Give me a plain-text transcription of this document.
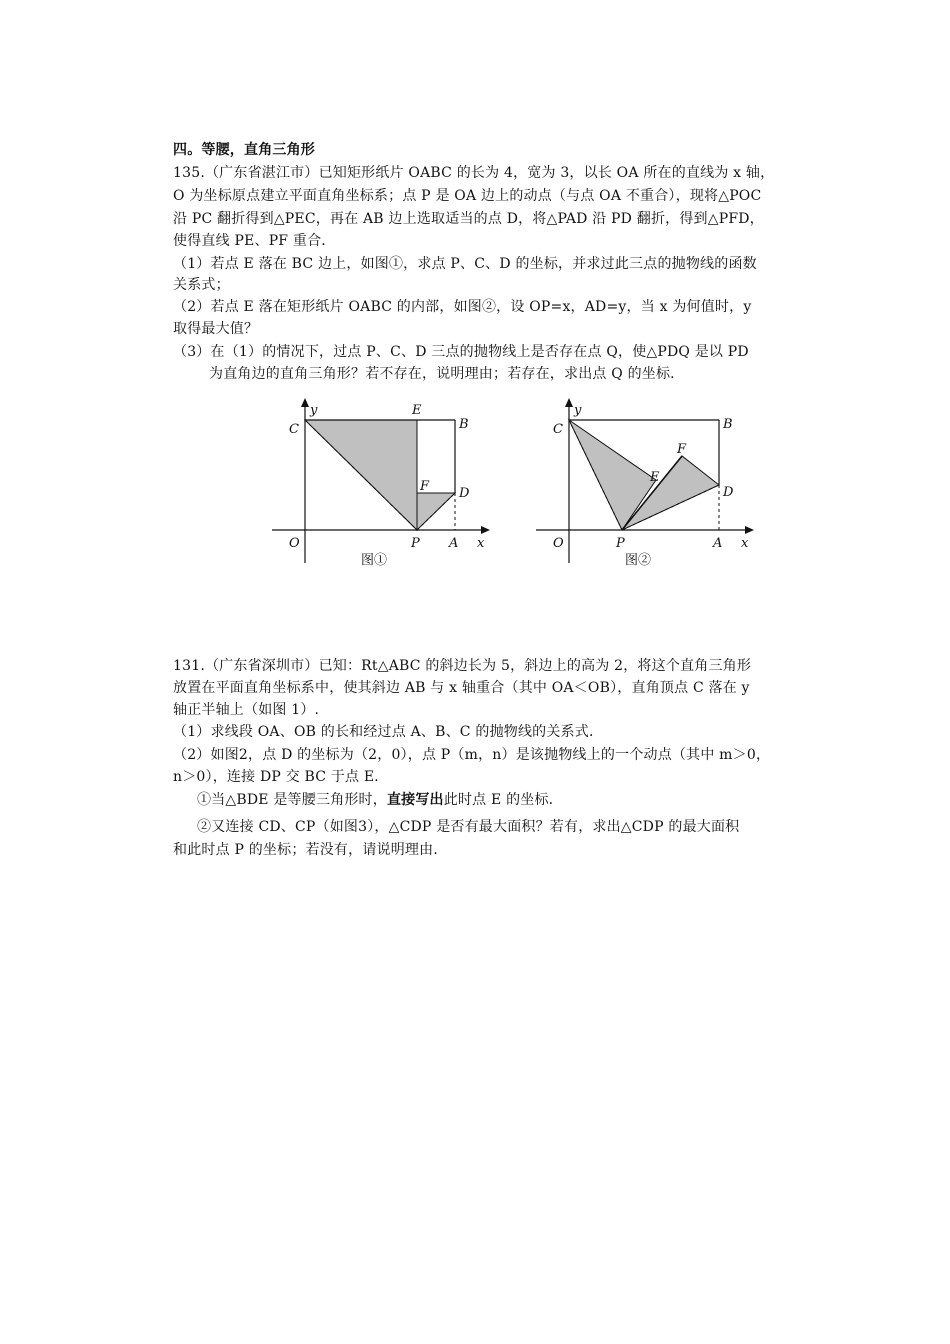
四。等腰，直角三角形
135.（广东省湛江市）已知矩形纸片 OABC 的长为 4，宽为 3，以长 OA 所在的直线为 x 轴，
O 为坐标原点建立平面直角坐标系；点 P 是 OA 边上的动点（与点 OA 不重合），现将△POC
沿 PC 翻折得到△PEC，再在 AB 边上选取适当的点 D，将△PAD 沿 PD 翻折，得到△PFD，
使得直线 PE、PF 重合．
（1）若点 E 落在 BC 边上，如图①，求点 P、C、D 的坐标，并求过此三点的抛物线的函数
关系式；
（2）若点 E 落在矩形纸片 OABC 的内部，如图②，设 OP=x，AD=y，当 x 为何值时，y
取得最大值？
（3）在（1）的情况下，过点 P、C、D 三点的抛物线上是否存在点 Q，使△PDQ 是以 PD
为直角边的直角三角形？若不存在，说明理由；若存在，求出点 Q 的坐标．
y	E
B
C
F D
O	P A x
图①
y
B
C
F
E
D
O	P	A x
图②
131.（广东省深圳市）已知：Rt△ABC 的斜边长为 5，斜边上的高为 2，将这个直角三角形
放置在平面直角坐标系中，使其斜边 AB 与 x 轴重合（其中 OA＜OB），直角顶点 C 落在 y
轴正半轴上（如图 1）.
（1）求线段 OA、OB 的长和经过点 A、B、C 的抛物线的关系式．
（2）如图2，点 D 的坐标为（2，0），点 P（m，n）是该抛物线上的一个动点（其中 m＞0，
n＞0），连接 DP 交 BC 于点 E．
①当△BDE 是等腰三角形时，直接写出此时点 E 的坐标．
②又连接 CD、CP（如图3），△CDP 是否有最大面积？若有，求出△CDP 的最大面积
和此时点 P 的坐标；若没有，请说明理由．
